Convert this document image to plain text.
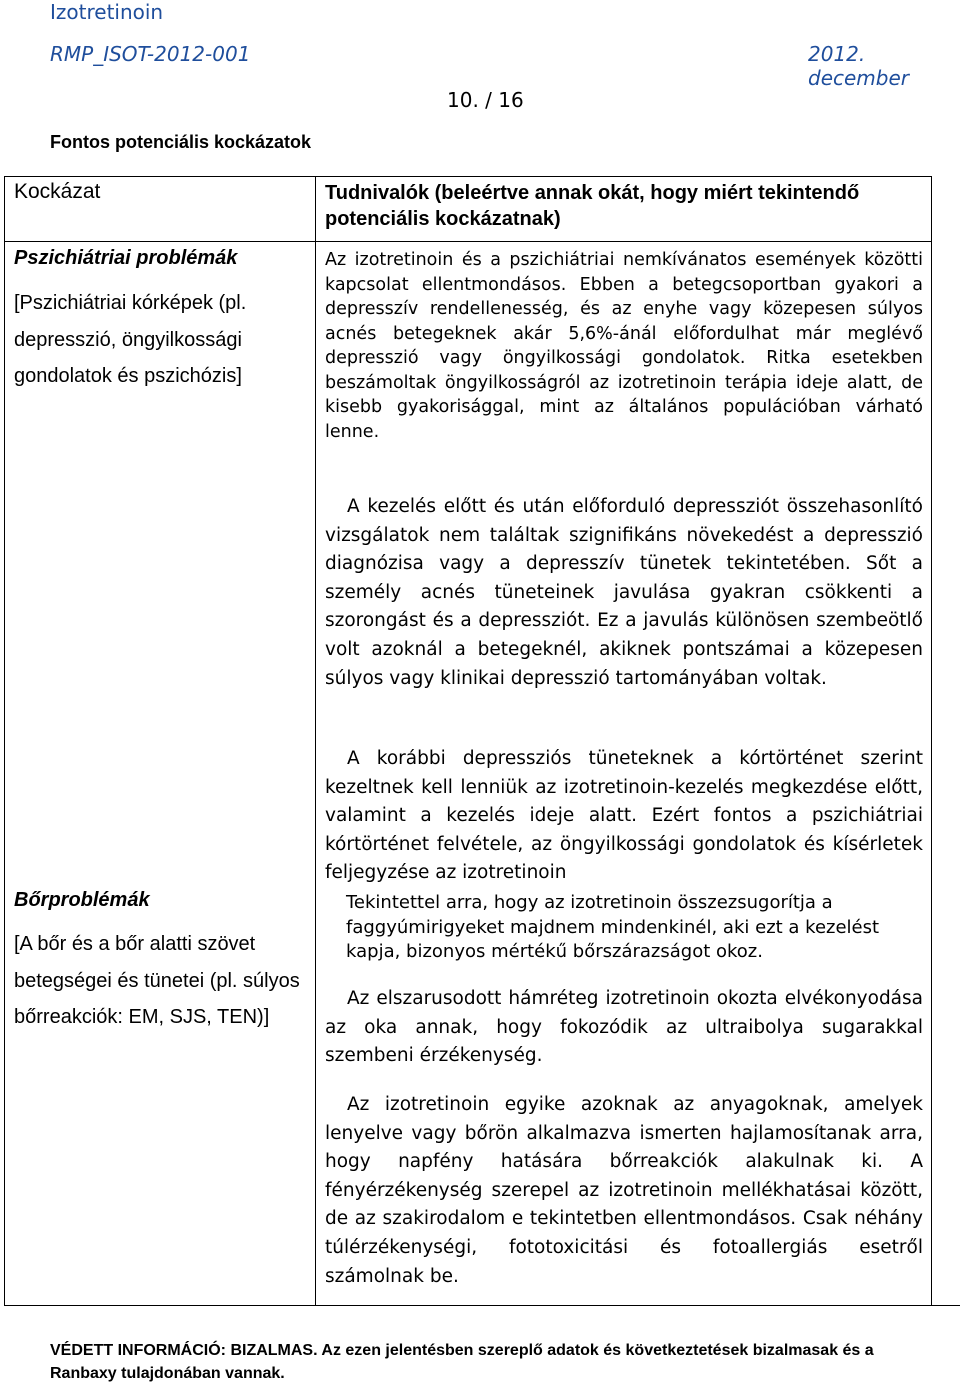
Izotretinoin
RMP_ISOT-2012-001	2012. december
10. / 16
Fontos potenciális kockázatok
Kockázat	Tudnivalók (beleértve annak okát, hogy miért tekintendő potenciális kockázatnak)
Pszichiátriai problémák
[Pszichiátriai kórképek (pl. depresszió, öngyilkossági gondolatok és pszichózis]
Bőrproblémák
[A bőr és a bőr alatti szövet betegségei és tünetei (pl. súlyos bőrreakciók: EM, SJS, TEN)]
Az izotretinoin és a pszichiátriai nemkívánatos események közötti kapcsolat ellentmondásos. Ebben a betegcsoportban gyakori a depresszív rendellenesség, és az enyhe vagy közepesen súlyos acnés betegeknek akár 5,6%-ánál előfordulhat már meglévő depresszió vagy öngyilkossági gondolatok. Ritka esetekben beszámoltak öngyilkosságról az izotretinoin terápia ideje alatt, de kisebb gyakorisággal, mint az általános populációban várható lenne.
A kezelés előtt és után előforduló depressziót összehasonlító vizsgálatok nem találtak szignifikáns növekedést a depresszió diagnózisa vagy a depresszív tünetek tekintetében. Sőt a személy acnés tüneteinek javulása gyakran csökkenti a szorongást és a depressziót. Ez a javulás különösen szembeötlő volt azoknál a betegeknél, akiknek pontszámai a közepesen súlyos vagy klinikai depresszió tartományában voltak.
A korábbi depressziós tüneteknek a kórtörténet szerint kezeltnek kell lenniük az izotretinoin-kezelés megkezdése előtt, valamint a kezelés ideje alatt. Ezért fontos a pszichiátriai kórtörténet felvétele, az öngyilkossági gondolatok és kísérletek feljegyzése az izotretinoin
Tekintettel arra, hogy az izotretinoin összezsugorítja a faggyúmirigyeket majdnem mindenkinél, aki ezt a kezelést kapja, bizonyos mértékű bőrszárazságot okoz.
Az elszarusodott hámréteg izotretinoin okozta elvékonyodása az oka annak, hogy fokozódik az ultraibolya sugarakkal szembeni érzékenység.
Az izotretinoin egyike azoknak az anyagoknak, amelyek lenyelve vagy bőrön alkalmazva ismerten hajlamosítanak arra, hogy napfény hatására bőrreakciók alakulnak ki. A fényérzékenység szerepel az izotretinoin mellékhatásai között, de az szakirodalom e tekintetben ellentmondásos. Csak néhány túlérzékenységi, fototoxicitási és fotoallergiás esetről számolnak be.
VÉDETT INFORMÁCIÓ: BIZALMAS. Az ezen jelentésben szereplő adatok és következtetések bizalmasak és a Ranbaxy tulajdonában vannak.
